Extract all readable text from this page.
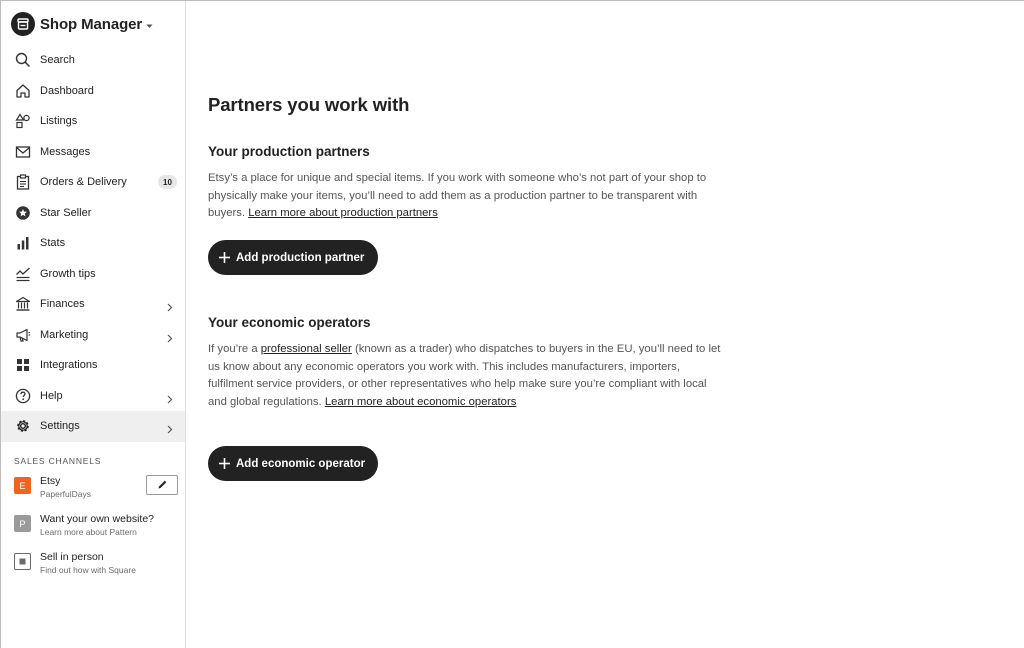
Shop Manager
Search
Dashboard
Listings
Messages
Orders & Delivery	10
Star Seller
Stats
Growth tips
Finances
Marketing
Integrations
Help
Settings
SALES CHANNELS
E	Etsy
PaperfulDays
P	Want your own website?
Learn more about Pattern
Sell in person
Find out how with Square
Partners you work with
Your production partners

Etsy’s a place for unique and special items. If you work with someone who’s not part of your shop to physically make your items, you’ll need to add them as a production partner to be transparent with buyers. Learn more about production partners

Add production partner
Your economic operators

If you’re a professional seller (known as a trader) who dispatches to buyers in the EU, you’ll need to let us know about any economic operators you work with. This includes manufacturers, importers, fulfilment service providers, or other representatives who help make sure you’re compliant with local and global regulations. Learn more about economic operators

Add economic operator
